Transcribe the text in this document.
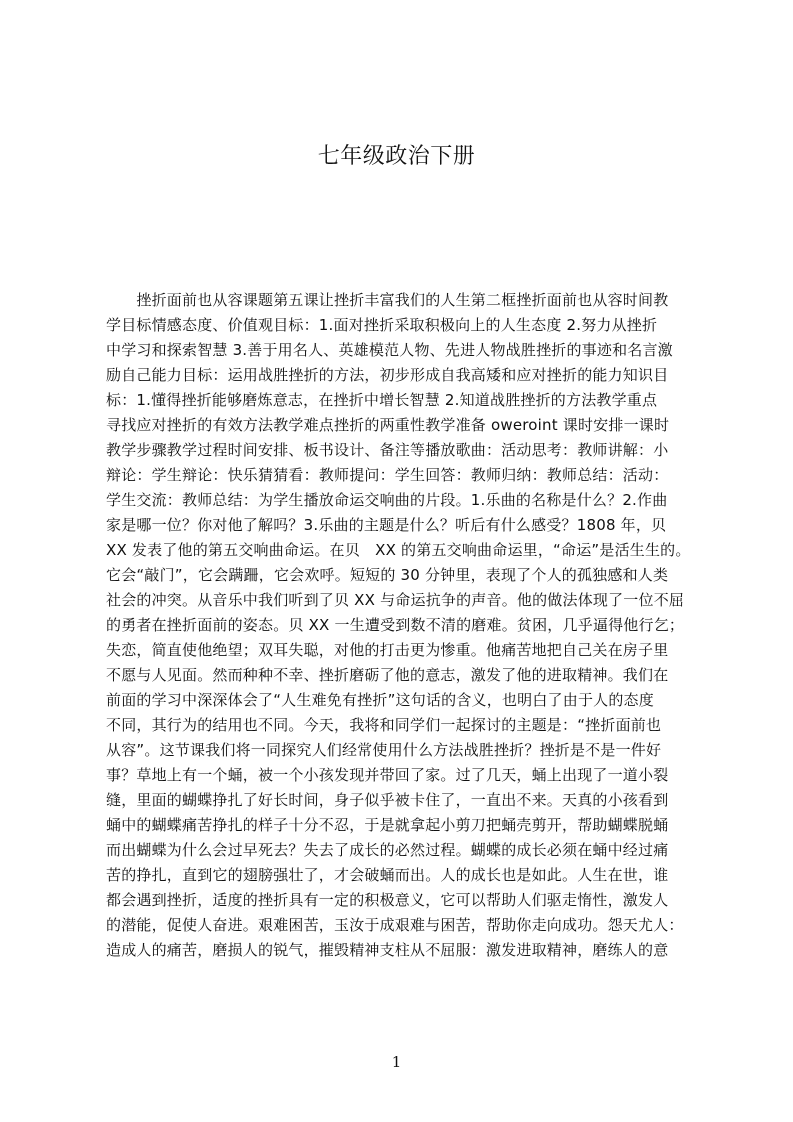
七年级政治下册
　　挫折面前也从容课题第五课让挫折丰富我们的人生第二框挫折面前也从容时间教
学目标情感态度、价值观目标：1.面对挫折采取积极向上的人生态度 2.努力从挫折
中学习和探索智慧 3.善于用名人、英雄模范人物、先进人物战胜挫折的事迹和名言激
励自己能力目标：运用战胜挫折的方法，初步形成自我高矮和应对挫折的能力知识目
标：1.懂得挫折能够磨炼意志，在挫折中增长智慧 2.知道战胜挫折的方法教学重点
寻找应对挫折的有效方法教学难点挫折的两重性教学准备 oweroint 课时安排一课时
教学步骤教学过程时间安排、板书设计、备注等播放歌曲：活动思考：教师讲解：小
辩论：学生辩论：快乐猜猜看：教师提问：学生回答：教师归纳：教师总结：活动：
学生交流：教师总结：为学生播放命运交响曲的片段。1.乐曲的名称是什么？2.作曲
家是哪一位？你对他了解吗？3.乐曲的主题是什么？听后有什么感受？1808 年，贝
XX 发表了他的第五交响曲命运。在贝　XX 的第五交响曲命运里，“命运”是活生生的。
它会“敲门”，它会蹒跚，它会欢呼。短短的 30 分钟里，表现了个人的孤独感和人类
社会的冲突。从音乐中我们听到了贝 XX 与命运抗争的声音。他的做法体现了一位不屈
的勇者在挫折面前的姿态。贝 XX 一生遭受到数不清的磨难。贫困，几乎逼得他行乞；
失恋，简直使他绝望；双耳失聪，对他的打击更为惨重。他痛苦地把自己关在房子里
不愿与人见面。然而种种不幸、挫折磨砺了他的意志，激发了他的进取精神。我们在
前面的学习中深深体会了“人生难免有挫折”这句话的含义，也明白了由于人的态度
不同，其行为的结用也不同。今天，我将和同学们一起探讨的主题是：“挫折面前也
从容”。这节课我们将一同探究人们经常使用什么方法战胜挫折？挫折是不是一件好
事？草地上有一个蛹，被一个小孩发现并带回了家。过了几天，蛹上出现了一道小裂
缝，里面的蝴蝶挣扎了好长时间，身子似乎被卡住了，一直出不来。天真的小孩看到
蛹中的蝴蝶痛苦挣扎的样子十分不忍，于是就拿起小剪刀把蛹壳剪开，帮助蝴蝶脱蛹
而出蝴蝶为什么会过早死去？失去了成长的必然过程。蝴蝶的成长必须在蛹中经过痛
苦的挣扎，直到它的翅膀强壮了，才会破蛹而出。人的成长也是如此。人生在世，谁
都会遇到挫折，适度的挫折具有一定的积极意义，它可以帮助人们驱走惰性，激发人
的潜能，促使人奋进。艰难困苦，玉汝于成艰难与困苦，帮助你走向成功。怨天尤人：
造成人的痛苦，磨损人的锐气，摧毁精神支柱从不屈服：激发进取精神，磨练人的意
1
